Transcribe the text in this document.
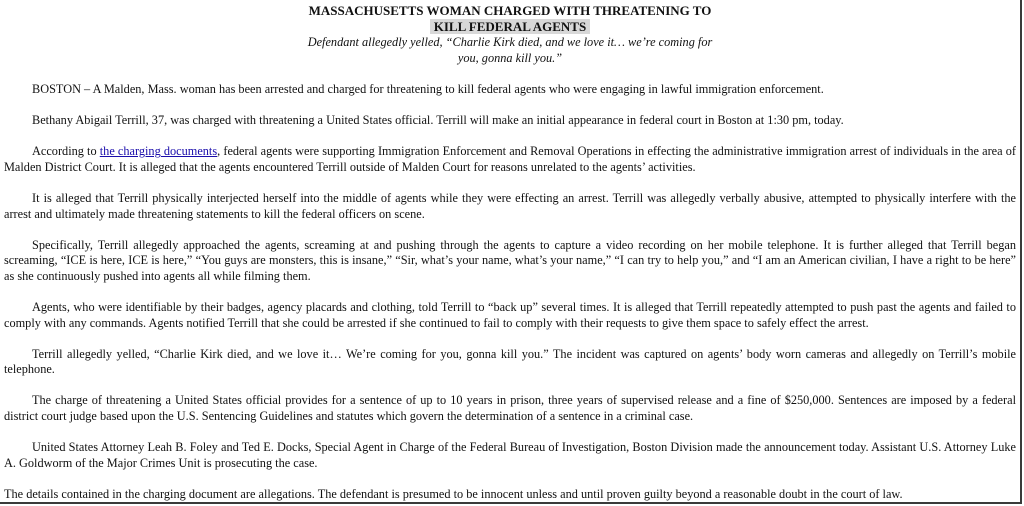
MASSACHUSETTS WOMAN CHARGED WITH THREATENING TO
KILL FEDERAL AGENTS
Defendant allegedly yelled, “Charlie Kirk died, and we love it… we’re coming for
you, gonna kill you.”

BOSTON – A Malden, Mass. woman has been arrested and charged for threatening to kill federal agents who were engaging in lawful immigration enforcement.

Bethany Abigail Terrill, 37, was charged with threatening a United States official. Terrill will make an initial appearance in federal court in Boston at 1:30 pm, today.

According to the charging documents, federal agents were supporting Immigration Enforcement and Removal Operations in effecting the administrative immigration arrest of individuals in the area of Malden District Court. It is alleged that the agents encountered Terrill outside of Malden Court for reasons unrelated to the agents’ activities.

It is alleged that Terrill physically interjected herself into the middle of agents while they were effecting an arrest. Terrill was allegedly verbally abusive, attempted to physically interfere with the arrest and ultimately made threatening statements to kill the federal officers on scene.

Specifically, Terrill allegedly approached the agents, screaming at and pushing through the agents to capture a video recording on her mobile telephone. It is further alleged that Terrill began screaming, “ICE is here, ICE is here,” “You guys are monsters, this is insane,” “Sir, what’s your name, what’s your name,” “I can try to help you,” and “I am an American civilian, I have a right to be here” as she continuously pushed into agents all while filming them.

Agents, who were identifiable by their badges, agency placards and clothing, told Terrill to “back up” several times. It is alleged that Terrill repeatedly attempted to push past the agents and failed to comply with any commands. Agents notified Terrill that she could be arrested if she continued to fail to comply with their requests to give them space to safely effect the arrest.

Terrill allegedly yelled, “Charlie Kirk died, and we love it… We’re coming for you, gonna kill you.” The incident was captured on agents’ body worn cameras and allegedly on Terrill’s mobile telephone.

The charge of threatening a United States official provides for a sentence of up to 10 years in prison, three years of supervised release and a fine of $250,000. Sentences are imposed by a federal district court judge based upon the U.S. Sentencing Guidelines and statutes which govern the determination of a sentence in a criminal case.

United States Attorney Leah B. Foley and Ted E. Docks, Special Agent in Charge of the Federal Bureau of Investigation, Boston Division made the announcement today. Assistant U.S. Attorney Luke A. Goldworm of the Major Crimes Unit is prosecuting the case.

The details contained in the charging document are allegations. The defendant is presumed to be innocent unless and until proven guilty beyond a reasonable doubt in the court of law.
